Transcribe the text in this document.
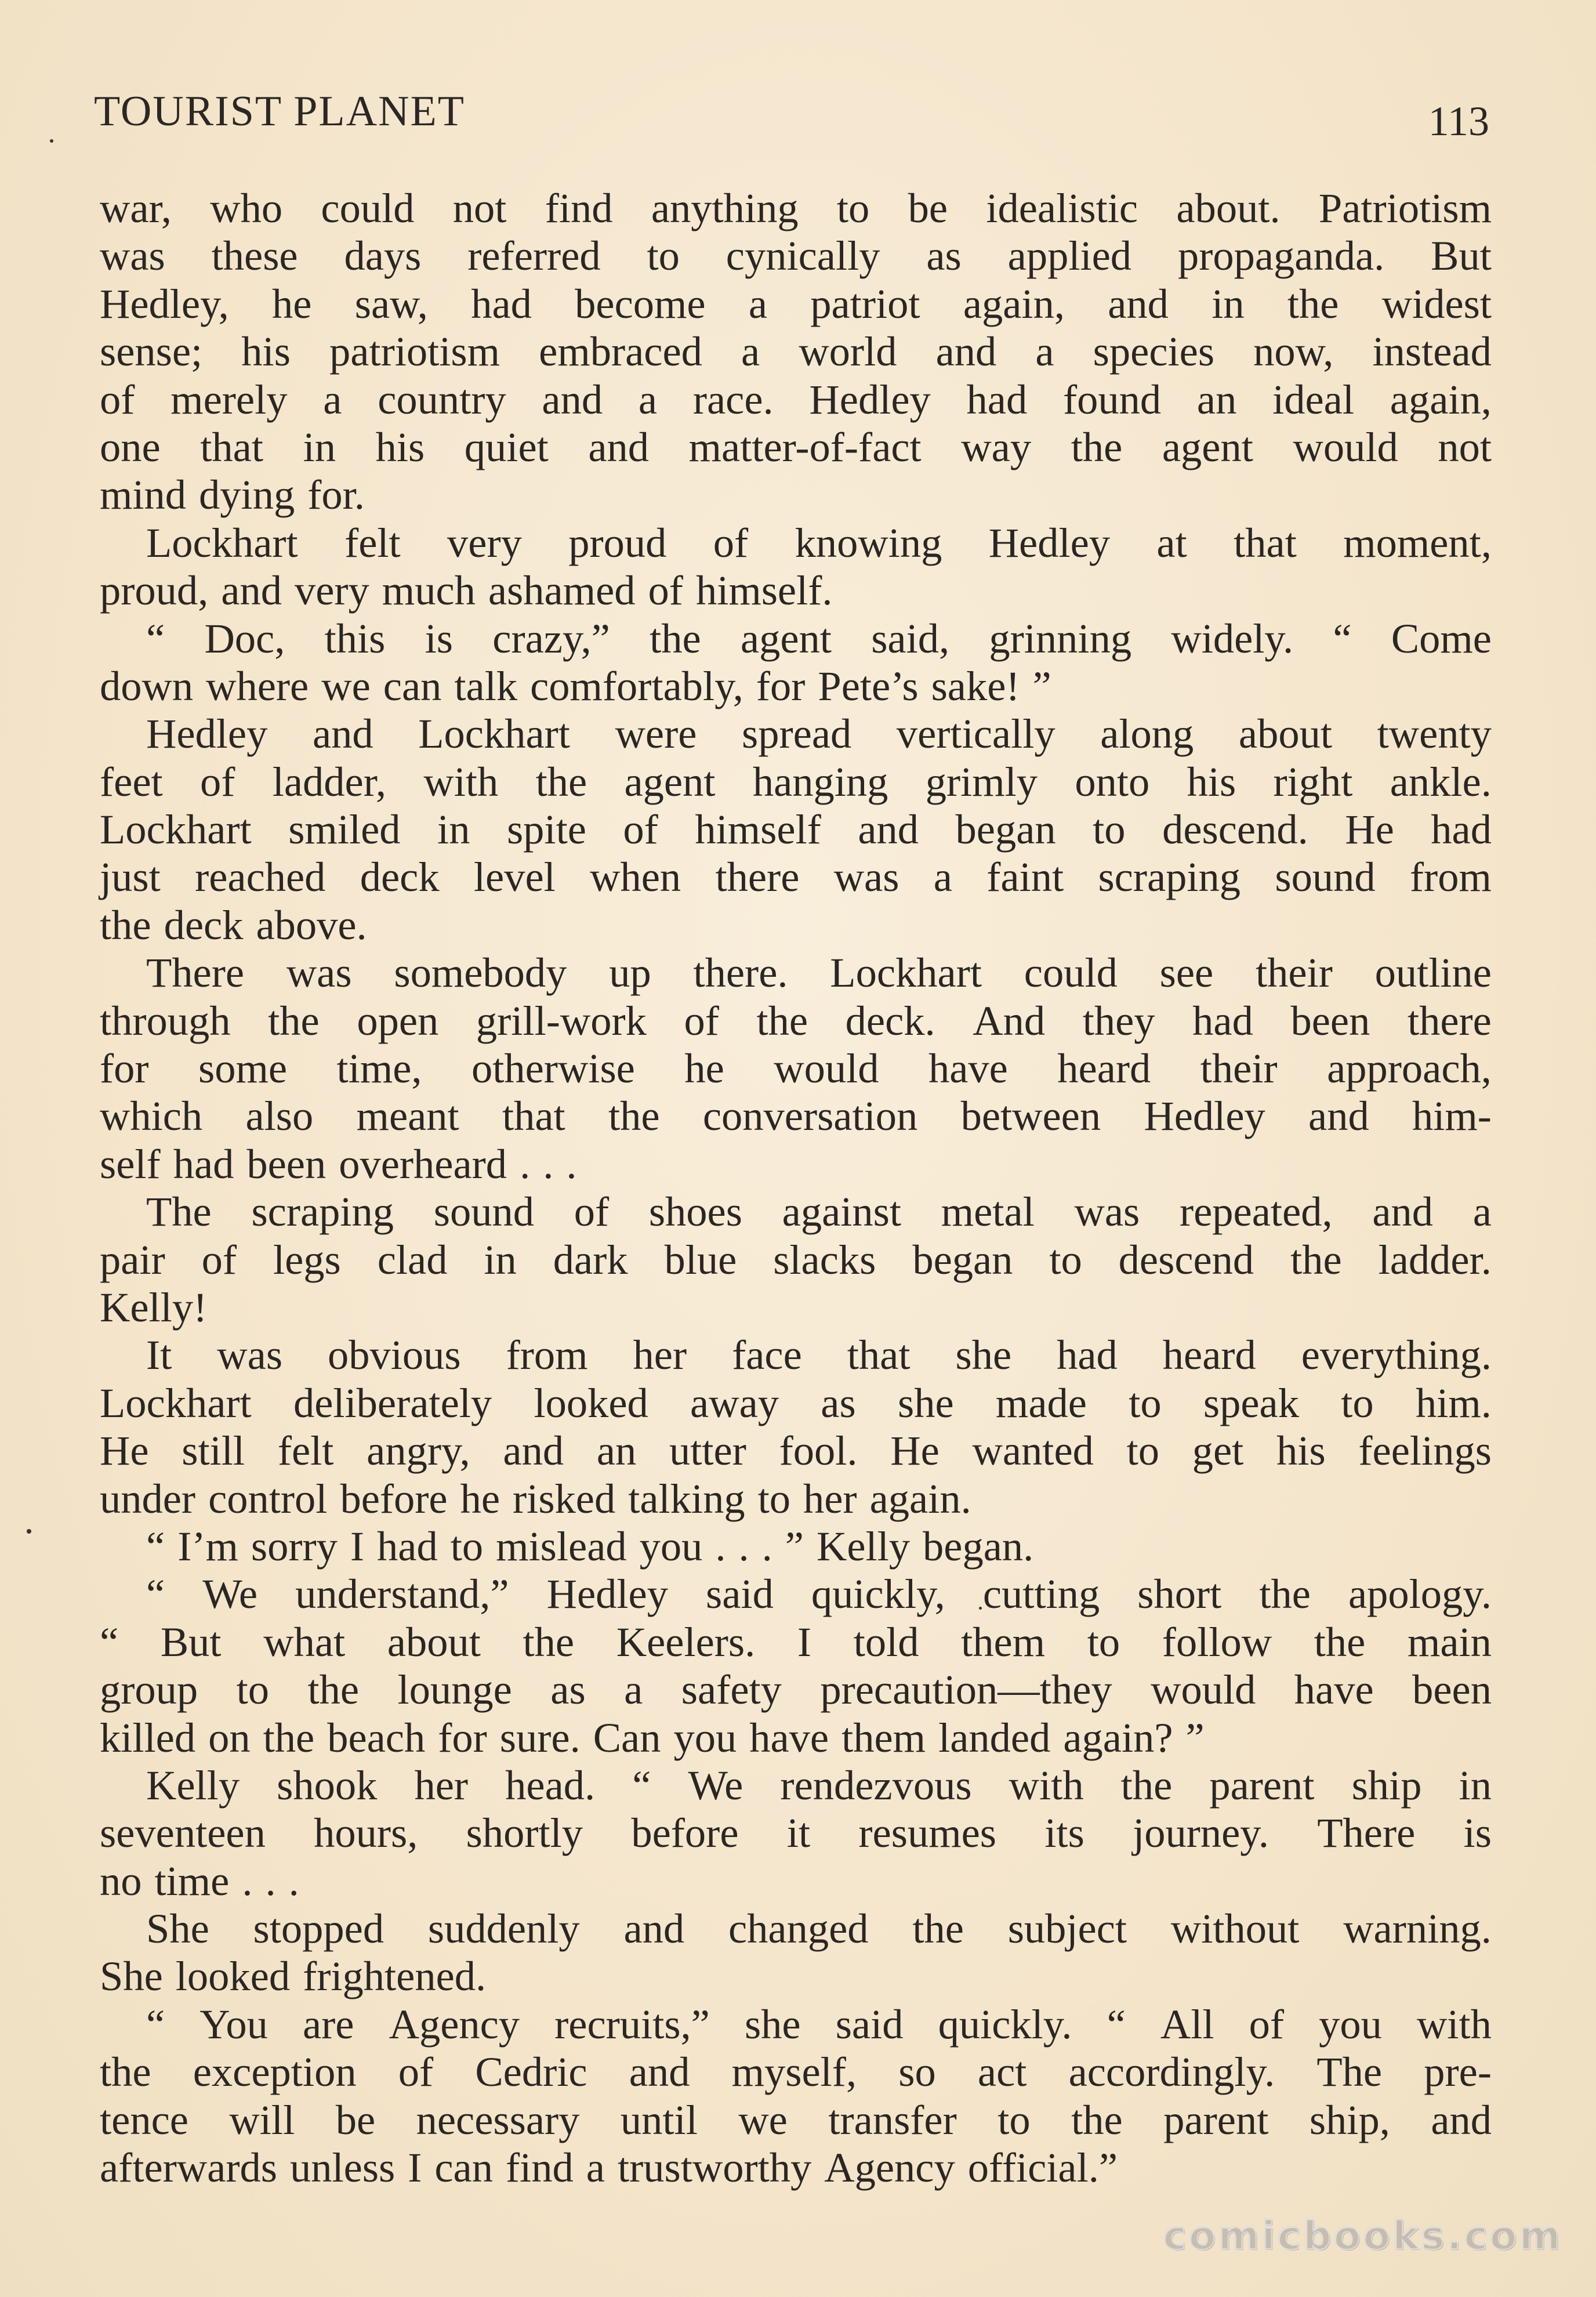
TOURIST PLANET	113
war, who could not find anything to be idealistic about. Patriotism
was these days referred to cynically as applied propaganda. But
Hedley, he saw, had become a patriot again, and in the widest
sense; his patriotism embraced a world and a species now, instead
of merely a country and a race. Hedley had found an ideal again,
one that in his quiet and matter-of-fact way the agent would not
mind dying for.
Lockhart felt very proud of knowing Hedley at that moment,
proud, and very much ashamed of himself.
“ Doc, this is crazy,” the agent said, grinning widely. “ Come
down where we can talk comfortably, for Pete’s sake! ”
Hedley and Lockhart were spread vertically along about twenty
feet of ladder, with the agent hanging grimly onto his right ankle.
Lockhart smiled in spite of himself and began to descend. He had
just reached deck level when there was a faint scraping sound from
the deck above.
There was somebody up there. Lockhart could see their outline
through the open grill-work of the deck. And they had been there
for some time, otherwise he would have heard their approach,
which also meant that the conversation between Hedley and him-
self had been overheard . . .
The scraping sound of shoes against metal was repeated, and a
pair of legs clad in dark blue slacks began to descend the ladder.
Kelly!
It was obvious from her face that she had heard everything.
Lockhart deliberately looked away as she made to speak to him.
He still felt angry, and an utter fool. He wanted to get his feelings
under control before he risked talking to her again.
“ I’m sorry I had to mislead you . . . ” Kelly began.
“ We understand,” Hedley said quickly, cutting short the apology.
“ But what about the Keelers. I told them to follow the main
group to the lounge as a safety precaution—they would have been
killed on the beach for sure. Can you have them landed again? ”
Kelly shook her head. “ We rendezvous with the parent ship in
seventeen hours, shortly before it resumes its journey. There is
no time . . .
She stopped suddenly and changed the subject without warning.
She looked frightened.
“ You are Agency recruits,” she said quickly. “ All of you with
the exception of Cedric and myself, so act accordingly. The pre-
tence will be necessary until we transfer to the parent ship, and
afterwards unless I can find a trustworthy Agency official.”
comicbooks.com
